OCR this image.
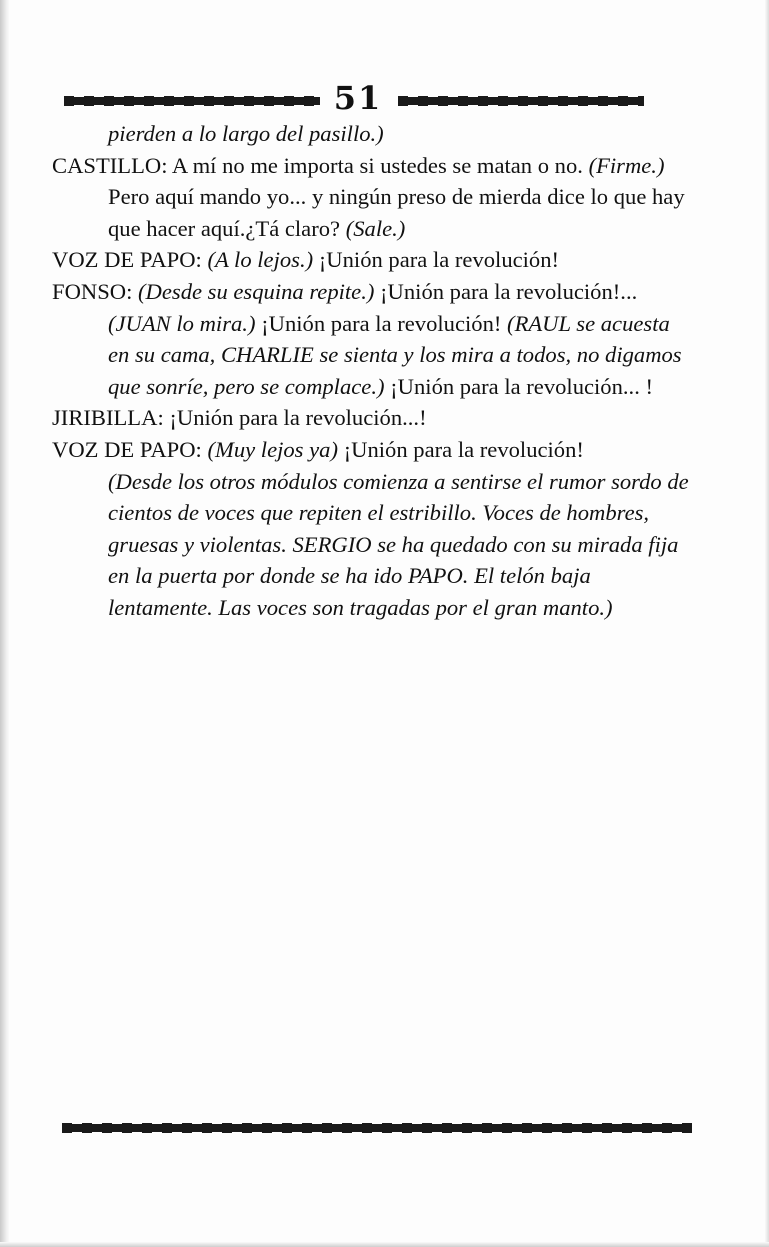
51

pierden a lo largo del pasillo.)

CASTILLO: A mí no me importa si ustedes se matan o no. (Firme.) Pero aquí mando yo... y ningún preso de mierda dice lo que hay que hacer aquí.¿Tá claro? (Sale.)

VOZ DE PAPO: (A lo lejos.) ¡Unión para la revolución!

FONSO: (Desde su esquina repite.) ¡Unión para la revolución!... (JUAN lo mira.) ¡Unión para la revolución! (RAUL se acuesta en su cama, CHARLIE se sienta y los mira a todos, no digamos que sonríe, pero se complace.) ¡Unión para la revolución... !

JIRIBILLA: ¡Unión para la revolución...!

VOZ DE PAPO: (Muy lejos ya) ¡Unión para la revolución!

(Desde los otros módulos comienza a sentirse el rumor sordo de cientos de voces que repiten el estribillo. Voces de hombres, gruesas y violentas. SERGIO se ha quedado con su mirada fija en la puerta por donde se ha ido PAPO. El telón baja lentamente. Las voces son tragadas por el gran manto.)
